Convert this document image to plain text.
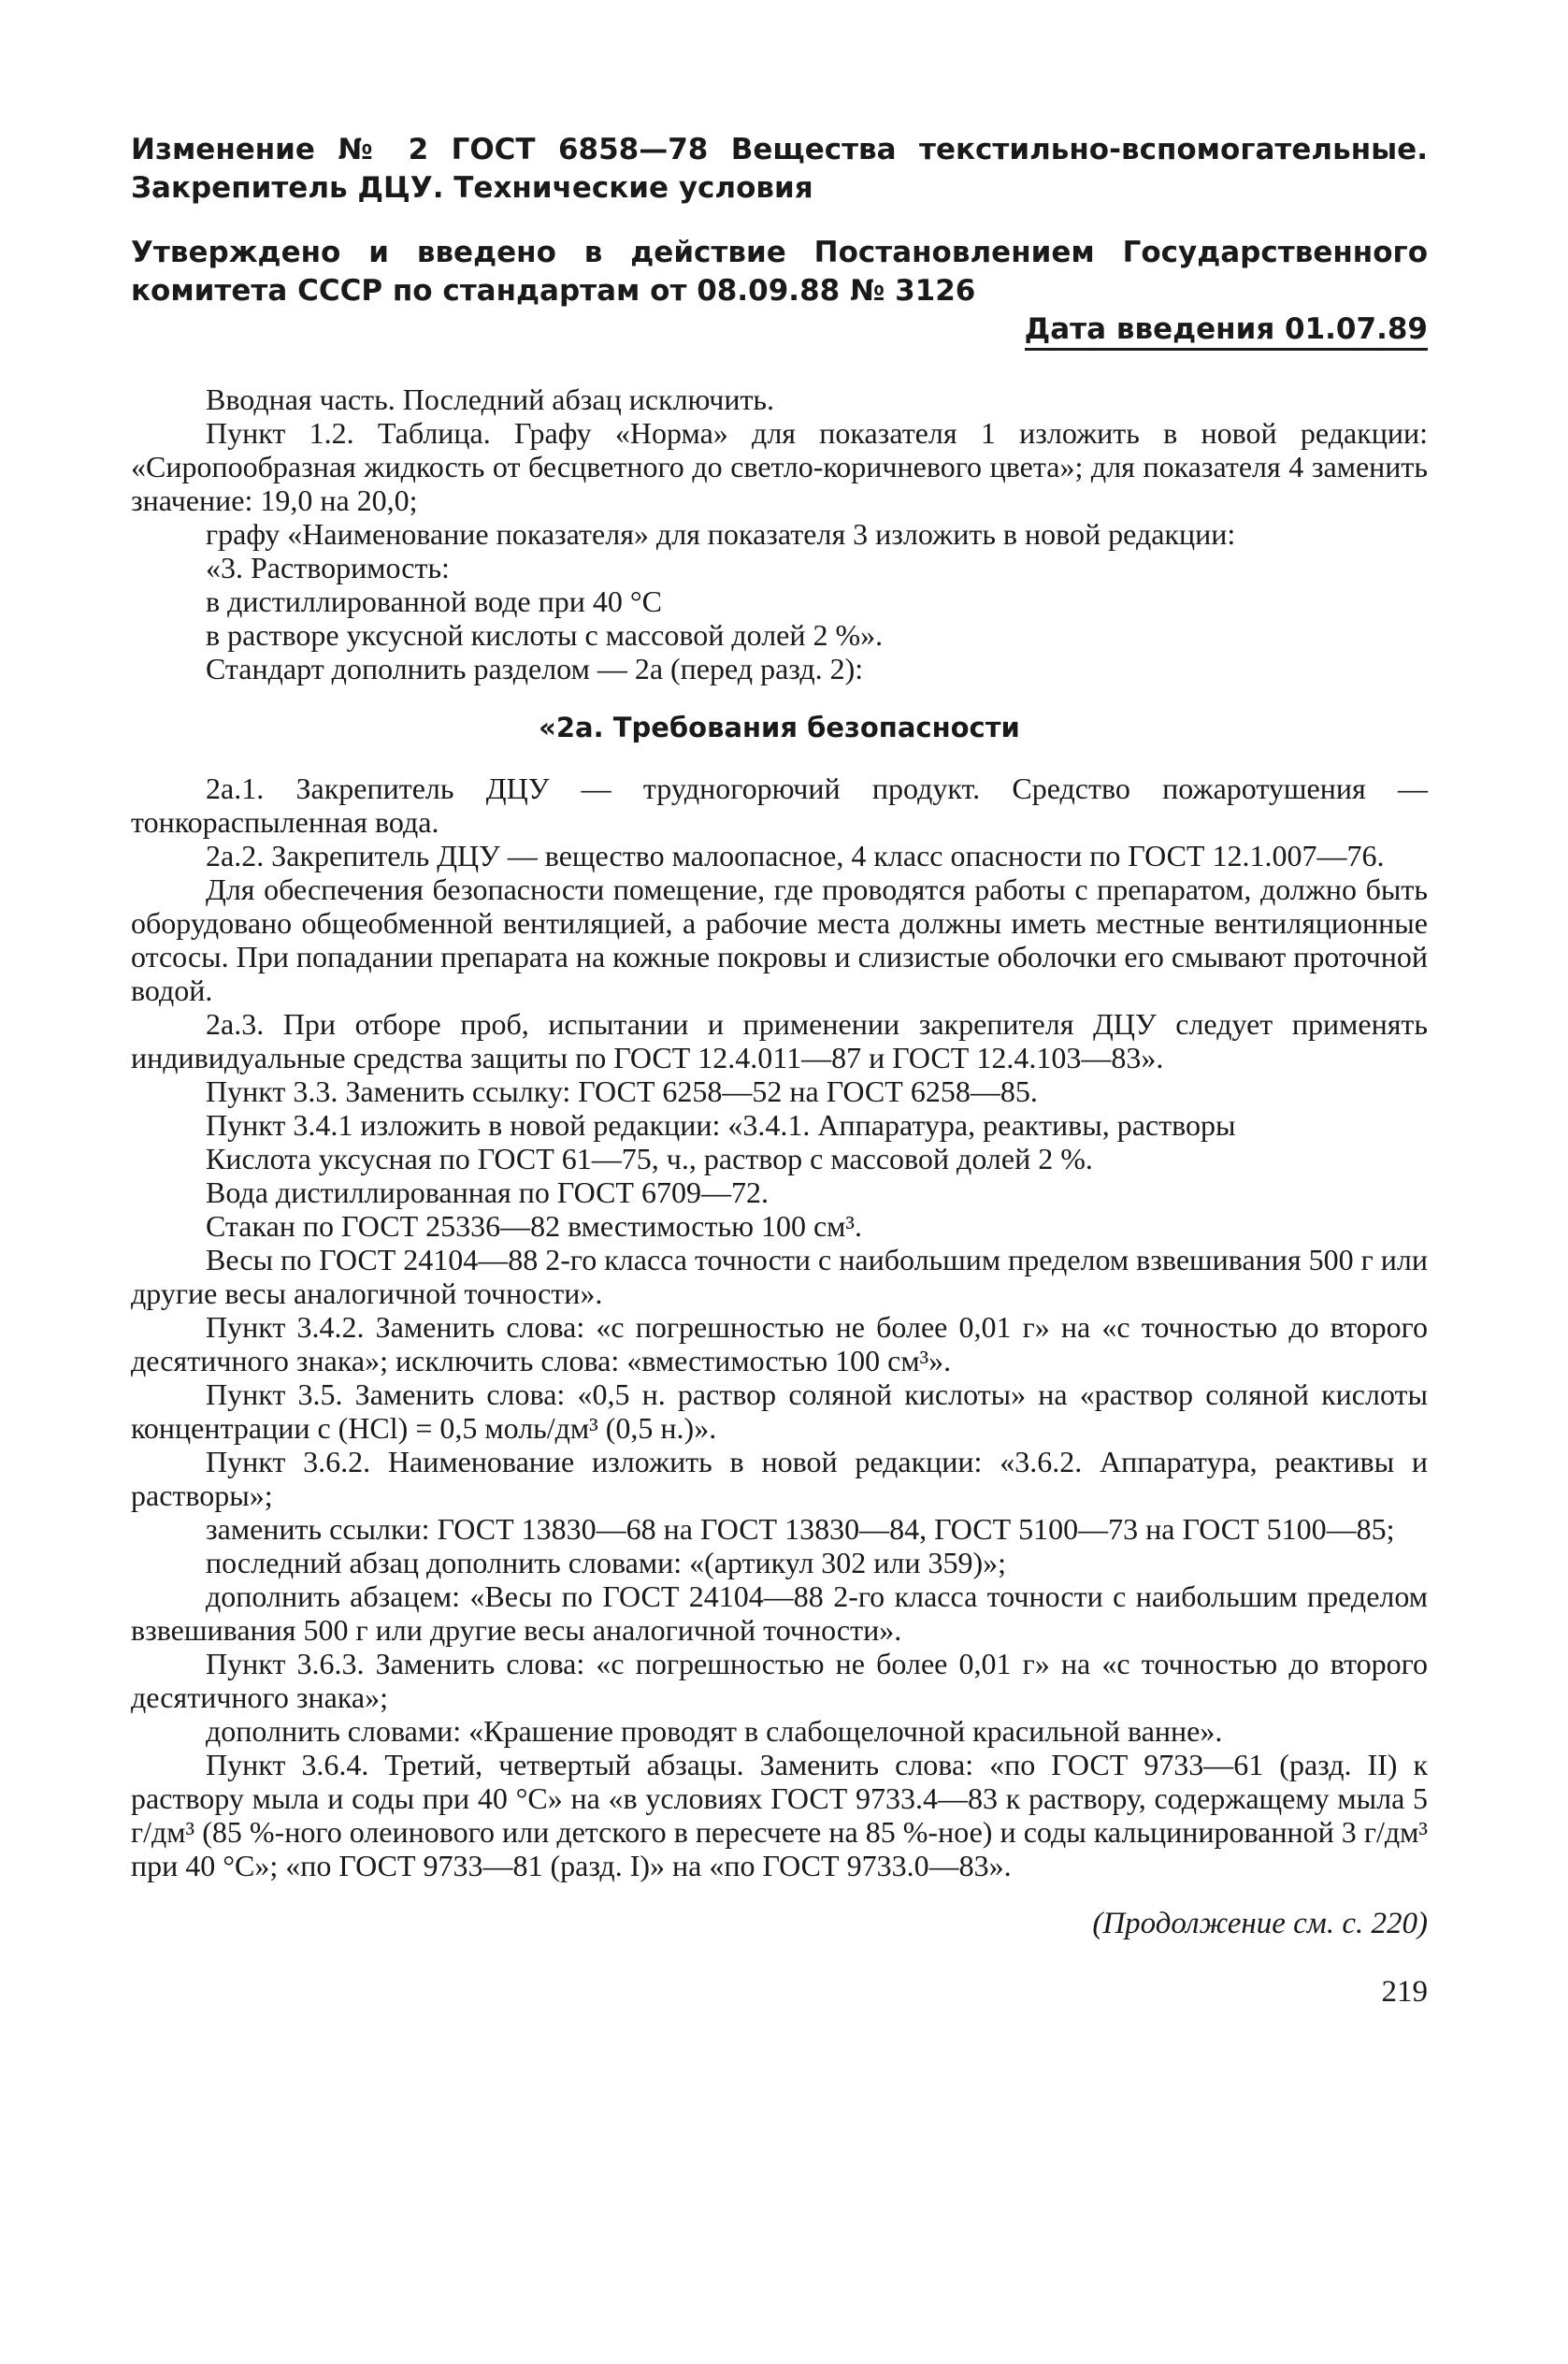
Изменение № 2 ГОСТ 6858—78 Вещества текстильно-вспомогательные. Закрепитель ДЦУ. Технические условия

Утверждено и введено в действие Постановлением Государственного комитета СССР по стандартам от 08.09.88 № 3126

Дата введения 01.07.89

Вводная часть. Последний абзац исключить.

Пункт 1.2. Таблица. Графу «Норма» для показателя 1 изложить в новой редакции: «Сиропообразная жидкость от бесцветного до светло-коричневого цвета»; для показателя 4 заменить значение: 19,0 на 20,0;

графу «Наименование показателя» для показателя 3 изложить в новой редакции:

«3. Растворимость:

в дистиллированной воде при 40 °С

в растворе уксусной кислоты с массовой долей 2 %».

Стандарт дополнить разделом — 2а (перед разд. 2):

«2а. Требования безопасности

2а.1. Закрепитель ДЦУ — трудногорючий продукт. Средство пожаротушения — тонкораспыленная вода.

2а.2. Закрепитель ДЦУ — вещество малоопасное, 4 класс опасности по ГОСТ 12.1.007—76.

Для обеспечения безопасности помещение, где проводятся работы с препаратом, должно быть оборудовано общеобменной вентиляцией, а рабочие места должны иметь местные вентиляционные отсосы. При попадании препарата на кожные покровы и слизистые оболочки его смывают проточной водой.

2а.3. При отборе проб, испытании и применении закрепителя ДЦУ следует применять индивидуальные средства защиты по ГОСТ 12.4.011—87 и ГОСТ 12.4.103—83».

Пункт 3.3. Заменить ссылку: ГОСТ 6258—52 на ГОСТ 6258—85.

Пункт 3.4.1 изложить в новой редакции: «3.4.1. Аппаратура, реактивы, растворы

Кислота уксусная по ГОСТ 61—75, ч., раствор с массовой долей 2 %.

Вода дистиллированная по ГОСТ 6709—72.

Стакан по ГОСТ 25336—82 вместимостью 100 см³.

Весы по ГОСТ 24104—88 2-го класса точности с наибольшим пределом взвешивания 500 г или другие весы аналогичной точности».

Пункт 3.4.2. Заменить слова: «с погрешностью не более 0,01 г» на «с точностью до второго десятичного знака»; исключить слова: «вместимостью 100 см³».

Пункт 3.5. Заменить слова: «0,5 н. раствор соляной кислоты» на «раствор соляной кислоты концентрации с (HCl) = 0,5 моль/дм³ (0,5 н.)».

Пункт 3.6.2. Наименование изложить в новой редакции: «3.6.2. Аппаратура, реактивы и растворы»;

заменить ссылки: ГОСТ 13830—68 на ГОСТ 13830—84, ГОСТ 5100—73 на ГОСТ 5100—85;

последний абзац дополнить словами: «(артикул 302 или 359)»;

дополнить абзацем: «Весы по ГОСТ 24104—88 2-го класса точности с наибольшим пределом взвешивания 500 г или другие весы аналогичной точности».

Пункт 3.6.3. Заменить слова: «с погрешностью не более 0,01 г» на «с точностью до второго десятичного знака»;

дополнить словами: «Крашение проводят в слабощелочной красильной ванне».

Пункт 3.6.4. Третий, четвертый абзацы. Заменить слова: «по ГОСТ 9733—61 (разд. II) к раствору мыла и соды при 40 °С» на «в условиях ГОСТ 9733.4—83 к раствору, содержащему мыла 5 г/дм³ (85 %-ного олеинового или детского в пересчете на 85 %-ное) и соды кальцинированной 3 г/дм³ при 40 °С»; «по ГОСТ 9733—81 (разд. I)» на «по ГОСТ 9733.0—83».

(Продолжение см. с. 220)
219
